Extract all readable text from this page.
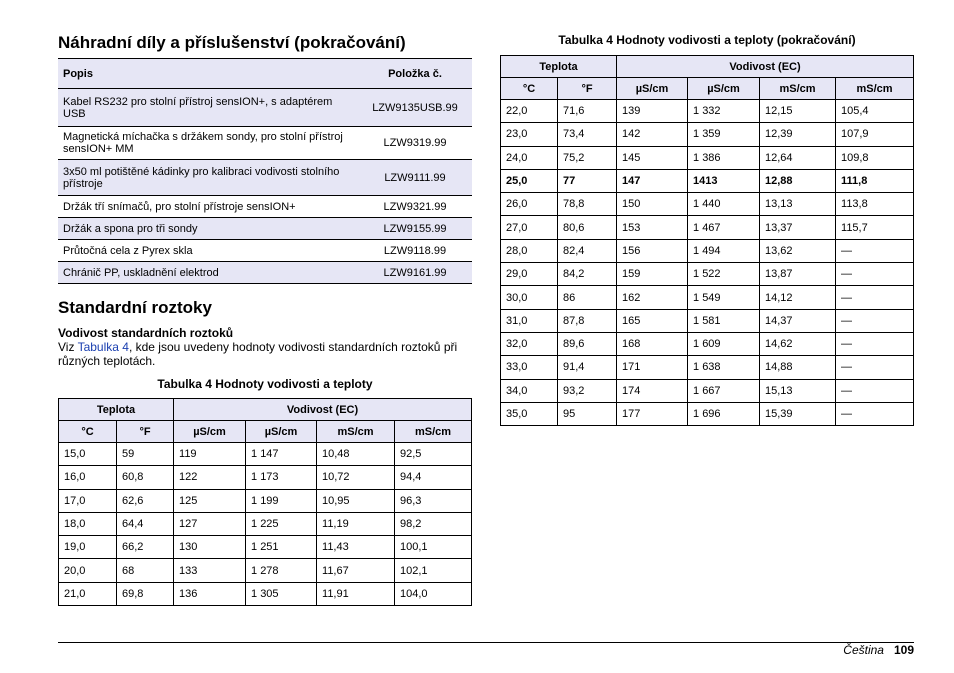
Náhradní díly a příslušenství (pokračování)
Popis	Položka č.
Kabel RS232 pro stolní přístroj sensION+, s adaptérem USB	LZW9135USB.99
Magnetická míchačka s držákem sondy, pro stolní přístroj sensION+ MM	LZW9319.99
3x50 ml potištěné kádinky pro kalibraci vodivosti stolního přístroje	LZW9111.99
Držák tří snímačů, pro stolní přístroje sensION+	LZW9321.99
Držák a spona pro tři sondy	LZW9155.99
Průtočná cela z Pyrex skla	LZW9118.99
Chránič PP, uskladnění elektrod	LZW9161.99
Standardní roztoky
Vodivost standardních roztoků

Viz Tabulka 4, kde jsou uvedeny hodnoty vodivosti standardních roztoků při různých teplotách.

Tabulka 4 Hodnoty vodivosti a teploty
Teplota		Vodivost (EC)			
°C	°F	µS/cm	µS/cm	mS/cm	mS/cm
15,0	59	119	1 147	10,48	92,5
16,0	60,8	122	1 173	10,72	94,4
17,0	62,6	125	1 199	10,95	96,3
18,0	64,4	127	1 225	11,19	98,2
19,0	66,2	130	1 251	11,43	100,1
20,0	68	133	1 278	11,67	102,1
21,0	69,8	136	1 305	11,91	104,0
Tabulka 4 Hodnoty vodivosti a teploty (pokračování)
Teplota		Vodivost (EC)			
°C	°F	µS/cm	µS/cm	mS/cm	mS/cm
22,0	71,6	139	1 332	12,15	105,4
23,0	73,4	142	1 359	12,39	107,9
24,0	75,2	145	1 386	12,64	109,8
25,0	77	147	1413	12,88	111,8
26,0	78,8	150	1 440	13,13	113,8
27,0	80,6	153	1 467	13,37	115,7
28,0	82,4	156	1 494	13,62	—
29,0	84,2	159	1 522	13,87	—
30,0	86	162	1 549	14,12	—
31,0	87,8	165	1 581	14,37	—
32,0	89,6	168	1 609	14,62	—
33,0	91,4	171	1 638	14,88	—
34,0	93,2	174	1 667	15,13	—
35,0	95	177	1 696	15,39	—
Čeština 109
